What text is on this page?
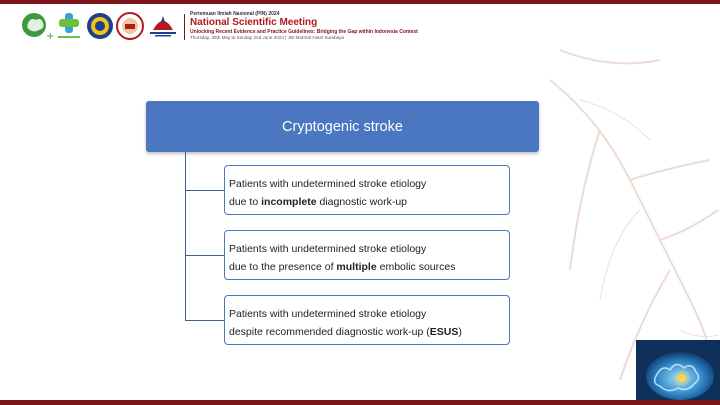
+
Pertemuan Ilmiah Nasional (PIN) 2024
National Scientific Meeting
Unlocking Recent Evidence and Practice Guidelines: Bridging the Gap within Indonesia Context
Thursday, 30th May to Sunday 2nd June 2024 | JW Marriott Hotel Surabaya
Cryptogenic stroke
Patients with undetermined stroke etiology
due to incomplete diagnostic work-up
Patients with undetermined stroke etiology
due to the presence of multiple embolic sources
Patients with undetermined stroke etiology
despite recommended diagnostic work-up (ESUS)
